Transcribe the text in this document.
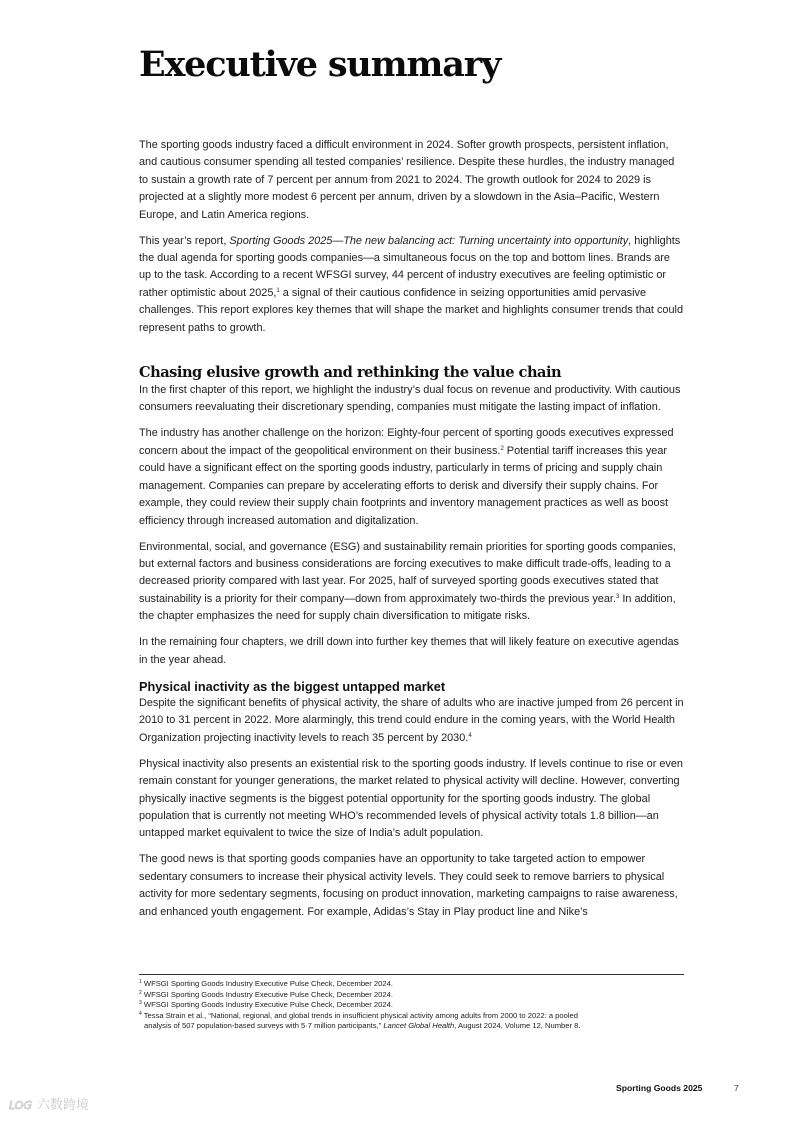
Executive summary

The sporting goods industry faced a difficult environment in 2024. Softer growth prospects, persistent inflation, and cautious consumer spending all tested companies’ resilience. Despite these hurdles, the industry managed to sustain a growth rate of 7 percent per annum from 2021 to 2024. The growth outlook for 2024 to 2029 is projected at a slightly more modest 6 percent per annum, driven by a slowdown in the Asia–Pacific, Western Europe, and Latin America regions.

This year’s report, Sporting Goods 2025—The new balancing act: Turning uncertainty into opportunity, highlights the dual agenda for sporting goods companies—a simultaneous focus on the top and bottom lines. Brands are up to the task. According to a recent WFSGI survey, 44 percent of industry executives are feeling optimistic or rather optimistic about 2025,$^1$ a signal of their cautious confidence in seizing opportunities amid pervasive challenges. This report explores key themes that will shape the market and highlights consumer trends that could represent paths to growth.

Chasing elusive growth and rethinking the value chain

In the first chapter of this report, we highlight the industry’s dual focus on revenue and productivity. With cautious consumers reevaluating their discretionary spending, companies must mitigate the lasting impact of inflation.

The industry has another challenge on the horizon: Eighty-four percent of sporting goods executives expressed concern about the impact of the geopolitical environment on their business.$^2$ Potential tariff increases this year could have a significant effect on the sporting goods industry, particularly in terms of pricing and supply chain management. Companies can prepare by accelerating efforts to derisk and diversify their supply chains. For example, they could review their supply chain footprints and inventory management practices as well as boost efficiency through increased automation and digitalization.

Environmental, social, and governance (ESG) and sustainability remain priorities for sporting goods companies, but external factors and business considerations are forcing executives to make difficult trade-offs, leading to a decreased priority compared with last year. For 2025, half of surveyed sporting goods executives stated that sustainability is a priority for their company—down from approximately two-thirds the previous year.$^3$ In addition, the chapter emphasizes the need for supply chain diversification to mitigate risks.

In the remaining four chapters, we drill down into further key themes that will likely feature on executive agendas in the year ahead.

Physical inactivity as the biggest untapped market

Despite the significant benefits of physical activity, the share of adults who are inactive jumped from 26 percent in 2010 to 31 percent in 2022. More alarmingly, this trend could endure in the coming years, with the World Health Organization projecting inactivity levels to reach 35 percent by 2030.$^4$

Physical inactivity also presents an existential risk to the sporting goods industry. If levels continue to rise or even remain constant for younger generations, the market related to physical activity will decline. However, converting physically inactive segments is the biggest potential opportunity for the sporting goods industry. The global population that is currently not meeting WHO’s recommended levels of physical activity totals 1.8 billion—an untapped market equivalent to twice the size of India’s adult population.

The good news is that sporting goods companies have an opportunity to take targeted action to empower sedentary consumers to increase their physical activity levels. They could seek to remove barriers to physical activity for more sedentary segments, focusing on product innovation, marketing campaigns to raise awareness, and enhanced youth engagement. For example, Adidas’s Stay in Play product line and Nike’s

$^1$ WFSGI Sporting Goods Industry Executive Pulse Check, December 2024.

$^2$ WFSGI Sporting Goods Industry Executive Pulse Check, December 2024.

$^3$ WFSGI Sporting Goods Industry Executive Pulse Check, December 2024.

$^4$ Tessa Strain et al., “National, regional, and global trends in insufficient physical activity among adults from 2000 to 2022: a pooled
analysis of 507 population-based surveys with 5·7 million participants,” Lancet Global Health, August 2024, Volume 12, Number 8.

Sporting Goods 2025	7
LOG 六数跨境
